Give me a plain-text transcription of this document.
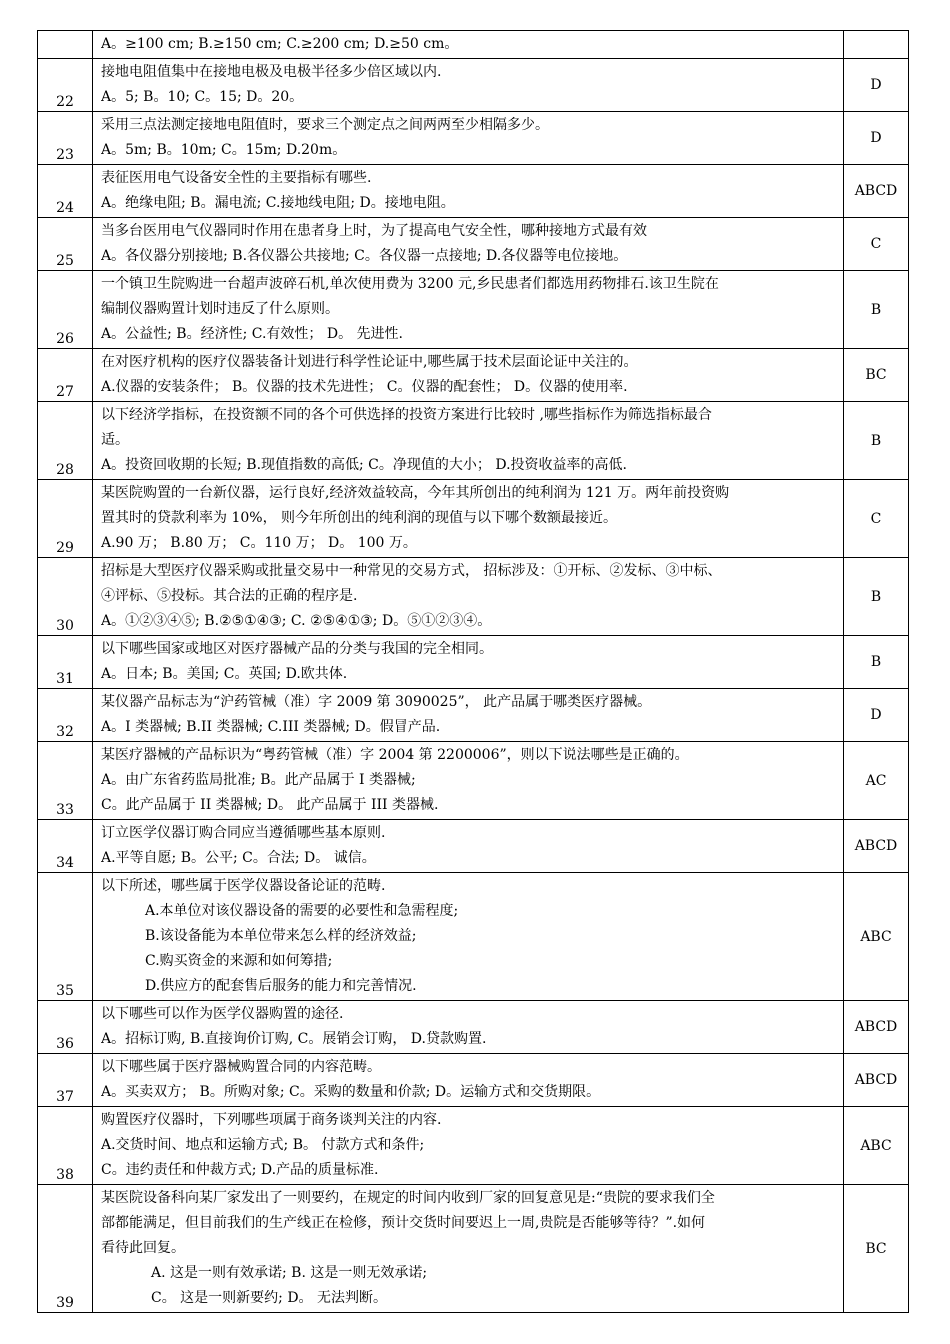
	A。≥100 cm; B.≥150 cm; C.≥200 cm; D.≥50 cm。	

22	接地电阻值集中在接地电极及电极半径多少倍区域以内.
A。5; B。10; C。15; D。20。	D
23	采用三点法测定接地电阻值时，要求三个测定点之间两两至少相隔多少。
A。5m; B。10m; C。15m; D.20m。	D
24	表征医用电气设备安全性的主要指标有哪些.
A。绝缘电阻; B。漏电流; C.接地线电阻; D。接地电阻。	ABCD
25	当多台医用电气仪器同时作用在患者身上时，为了提高电气安全性，哪种接地方式最有效
A。各仪器分别接地; B.各仪器公共接地; C。各仪器一点接地; D.各仪器等电位接地。	C
26	一个镇卫生院购进一台超声波碎石机,单次使用费为 3200 元,乡民患者们都选用药物排石.该卫生院在
编制仪器购置计划时违反了什么原则。
A。公益性; B。经济性; C.有效性； D。 先进性.	B
27	在对医疗机构的医疗仪器装备计划进行科学性论证中,哪些属于技术层面论证中关注的。
A.仪器的安装条件； B。仪器的技术先进性； C。仪器的配套性； D。仪器的使用率.	BC
28	以下经济学指标，在投资额不同的各个可供选择的投资方案进行比较时 ,哪些指标作为筛选指标最合
适。
A。投资回收期的长短; B.现值指数的高低; C。净现值的大小； D.投资收益率的高低.	B
29	某医院购置的一台新仪器，运行良好,经济效益较高，今年其所创出的纯利润为 121 万。两年前投资购
置其时的贷款利率为 10%， 则今年所创出的纯利润的现值与以下哪个数额最接近。
A.90 万； B.80 万； C。110 万； D。 100 万。	C
30	招标是大型医疗仪器采购或批量交易中一种常见的交易方式， 招标涉及：①开标、②发标、③中标、
④评标、⑤投标。其合法的正确的程序是.
A。①②③④⑤; B.②⑤①④③; C. ②⑤④①③; D。⑤①②③④。	B
31	以下哪些国家或地区对医疗器械产品的分类与我国的完全相同。
A。日本; B。美国; C。英国; D.欧共体.	B
32	某仪器产品标志为“沪药管械（准）字 2009 第 3090025”， 此产品属于哪类医疗器械。
A。I 类器械; B.II 类器械; C.III 类器械; D。假冒产品.	D
33	某医疗器械的产品标识为“粤药管械（准）字 2004 第 2200006”，则以下说法哪些是正确的。
A。由广东省药监局批准; B。此产品属于 I 类器械;
C。此产品属于 II 类器械; D。 此产品属于 III 类器械.	AC
34	订立医学仪器订购合同应当遵循哪些基本原则.
A.平等自愿; B。公平; C。合法; D。 诚信。	ABCD
35	以下所述，哪些属于医学仪器设备论证的范畴.
A.本单位对该仪器设备的需要的必要性和急需程度;
B.该设备能为本单位带来怎么样的经济效益;
C.购买资金的来源和如何筹措;
D.供应方的配套售后服务的能力和完善情况.	ABC
36	以下哪些可以作为医学仪器购置的途径.
A。招标订购, B.直接询价订购, C。展销会订购， D.贷款购置.	ABCD
37	以下哪些属于医疗器械购置合同的内容范畴。
A。买卖双方； B。所购对象; C。采购的数量和价款; D。运输方式和交货期限。	ABCD
38	购置医疗仪器时，下列哪些项属于商务谈判关注的内容.
A.交货时间、地点和运输方式; B。 付款方式和条件;
C。违约责任和仲裁方式; D.产品的质量标准.	ABC
39	某医院设备科向某厂家发出了一则要约，在规定的时间内收到厂家的回复意见是:“贵院的要求我们全
部都能满足，但目前我们的生产线正在检修，预计交货时间要迟上一周,贵院是否能够等待？”.如何
看待此回复。
A. 这是一则有效承诺; B. 这是一则无效承诺;
C。 这是一则新要约; D。 无法判断。	BC
